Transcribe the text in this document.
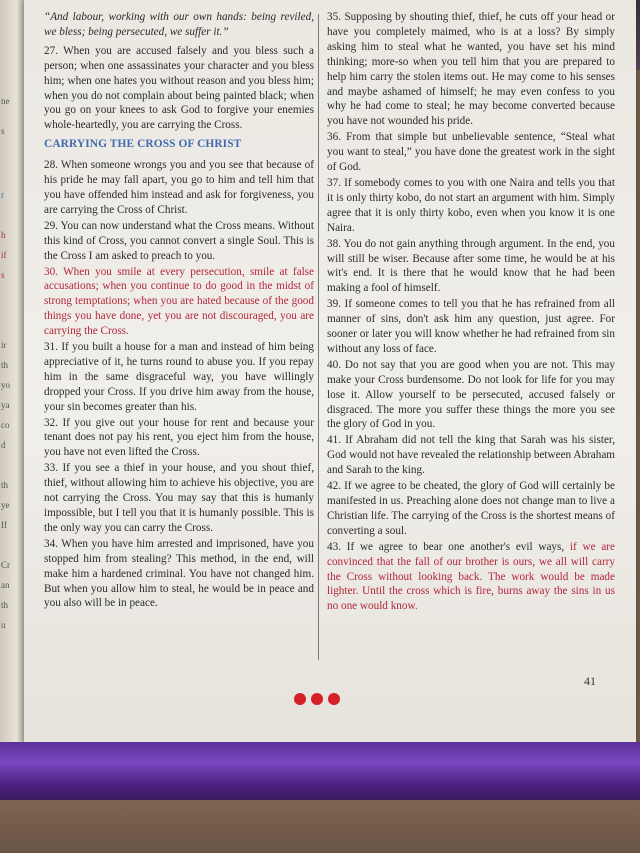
ne
s
r
h
if
s
ir
th
yo
ya
co
d
th
ye
If
Cr
an
th
u

“And labour, working with our own hands: being reviled, we bless; being persecuted, we suffer it.”

27. When you are accused falsely and you bless such a person; when one assassinates your character and you bless him; when one hates you without reason and you bless him; when you do not complain about being painted black; when you go on your knees to ask God to forgive your enemies whole-heartedly, you are carrying the Cross.

CARRYING THE CROSS OF CHRIST

28. When someone wrongs you and you see that because of his pride he may fall apart, you go to him and tell him that you have offended him instead and ask for forgiveness, you are carrying the Cross of Christ.

29. You can now understand what the Cross means. Without this kind of Cross, you cannot convert a single Soul. This is the Cross I am asked to preach to you.

30. When you smile at every persecution, smile at false accusations; when you continue to do good in the midst of strong temptations; when you are hated because of the good things you have done, yet you are not discouraged, you are carrying the Cross.

31. If you built a house for a man and instead of him being appreciative of it, he turns round to abuse you. If you repay him in the same disgraceful way, you have willingly dropped your Cross. If you drive him away from the house, your sin becomes greater than his.

32. If you give out your house for rent and because your tenant does not pay his rent, you eject him from the house, you have not even lifted the Cross.

33. If you see a thief in your house, and you shout thief, thief, without allowing him to achieve his objective, you are not carrying the Cross. You may say that this is humanly impossible, but I tell you that it is humanly possible. This is the only way you can carry the Cross.

34. When you have him arrested and imprisoned, have you stopped him from stealing? This method, in the end, will make him a hardened criminal. You have not changed him. But when you allow him to steal, he would be in peace and you also will be in peace.

35. Supposing by shouting thief, thief, he cuts off your head or have you completely maimed, who is at a loss? By simply asking him to steal what he wanted, you have set his mind thinking; more-so when you tell him that you are prepared to help him carry the stolen items out. He may come to his senses and maybe ashamed of himself; he may even confess to you why he had come to steal; he may become converted because you have not wounded his pride.

36. From that simple but unbelievable sentence, “Steal what you want to steal,” you have done the greatest work in the sight of God.

37. If somebody comes to you with one Naira and tells you that it is only thirty kobo, do not start an argument with him. Simply agree that it is only thirty kobo, even when you know it is one Naira.

38. You do not gain anything through argument. In the end, you will still be wiser. Because after some time, he would be at his wit's end. It is there that he would know that he had been making a fool of himself.

39. If someone comes to tell you that he has refrained from all manner of sins, don't ask him any question, just agree. For sooner or later you will know whether he had refrained from sin without any loss of face.

40. Do not say that you are good when you are not. This may make your Cross burdensome. Do not look for life for you may lose it. Allow yourself to be persecuted, accused falsely or disgraced. The more you suffer these things the more you see the glory of God in you.

41. If Abraham did not tell the king that Sarah was his sister, God would not have revealed the relationship between Abraham and Sarah to the king.

42. If we agree to be cheated, the glory of God will certainly be manifested in us. Preaching alone does not change man to live a Christian life. The carrying of the Cross is the shortest means of converting a soul.

43. If we agree to bear one another's evil ways, if we are convinced that the fall of our brother is ours, we all will carry the Cross without looking back. The work would be made lighter. Until the cross which is fire, burns away the sins in us no one would know.

41
